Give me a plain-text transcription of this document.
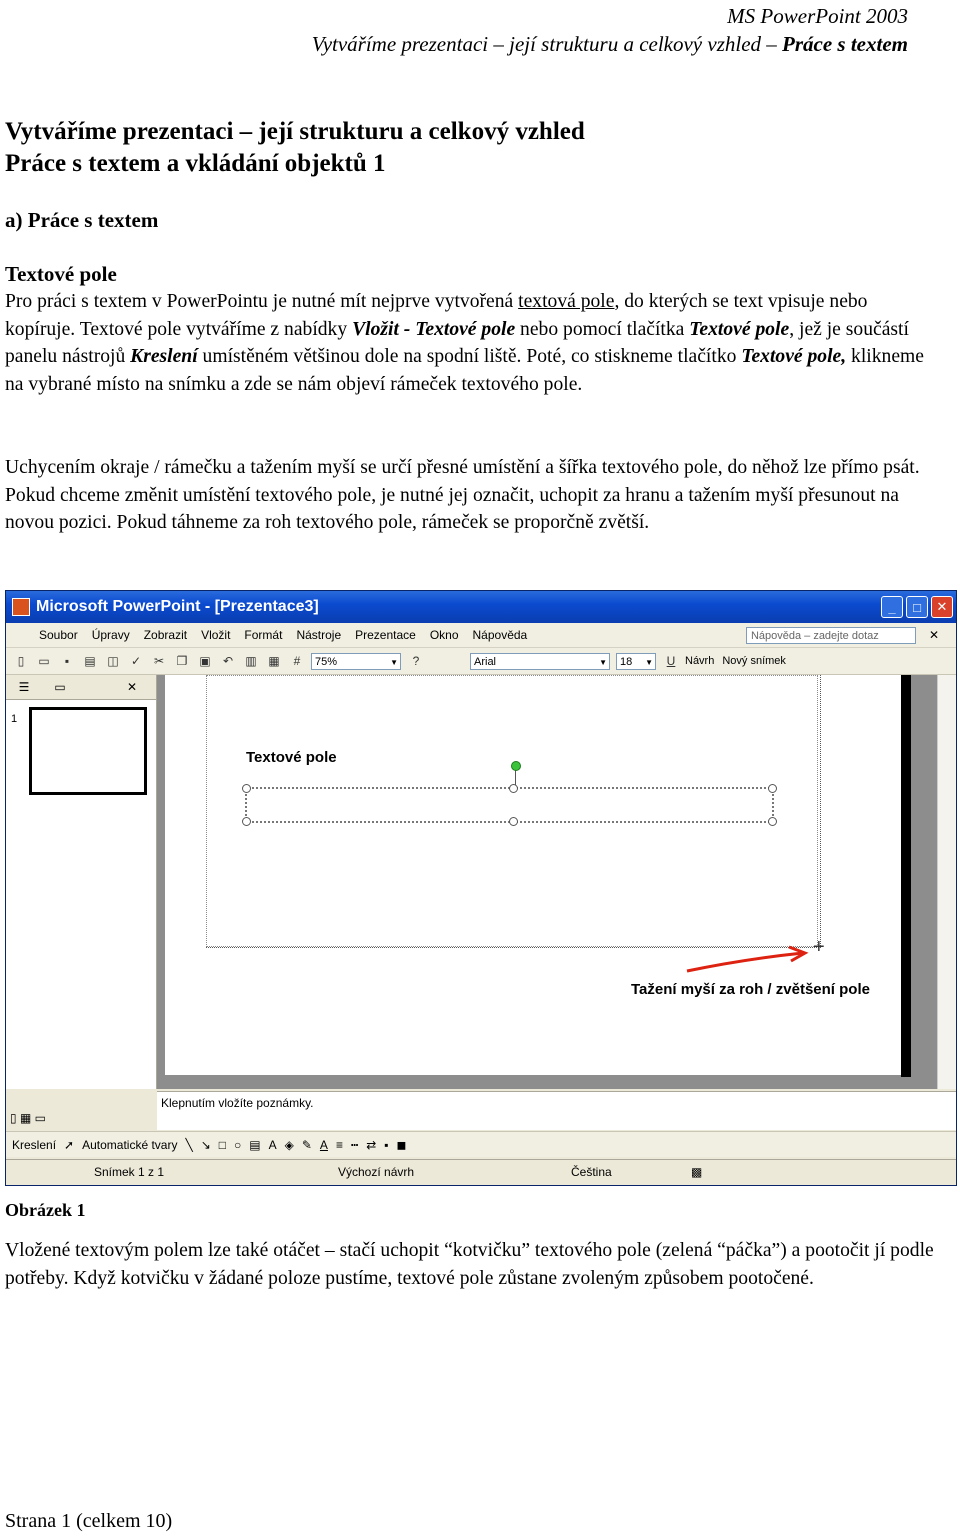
MS PowerPoint 2003
Vytváříme prezentaci – její strukturu a celkový vzhled – Práce s textem
Vytváříme prezentaci – její strukturu a celkový vzhled
Práce s textem a vkládání objektů 1
a) Práce s textem
Textové pole
Pro práci s textem v PowerPointu je nutné mít nejprve vytvořená textová pole, do kterých se text vpisuje nebo kopíruje. Textové pole vytváříme z nabídky Vložit - Textové pole nebo pomocí tlačítka Textové pole, jež je součástí panelu nástrojů Kreslení umístěném většinou dole na spodní liště. Poté, co stiskneme tlačítko Textové pole, klikneme na vybrané místo na snímku a zde se nám objeví rámeček textového pole.
Uchycením okraje / rámečku a tažením myší se určí přesné umístění a šířka textového pole, do něhož lze přímo psát. Pokud chceme změnit umístění textového pole, je nutné jej označit, uchopit za hranu a tažením myší přesunout na novou pozici. Pokud táhneme za roh textového pole, rámeček se proporčně zvětší.
Microsoft PowerPoint - [Prezentace3]	_	□	✕
Soubor	Úpravy	Zobrazit	Vložit	Formát	Nástroje	Prezentace	Okno	Nápověda	Nápověda – zadejte dotaz	✕
▯	▭	▪	▤ ◫	✓	✂	❐ ▣	↶	▥ ▦	#	75% ▼	?	Arial ▼	18 ▼	U Návrh Nový snímek
☰	▭	✕
1
Textové pole
+
Tažení myší za roh / zvětšení pole
▯ ▦ ▭
Klepnutím vložíte poznámky.
Kreslení ➚ Automatické tvary ╲ ↘ □ ○ ▤ A ◈ ✎ A ≡ ┅ ⇄ ▪ ◼
Snímek 1 z 1	Výchozí návrh	Čeština	▩
Obrázek 1
Vložené textovým polem lze také otáčet – stačí uchopit “kotvičku” textového pole (zelená “páčka”) a pootočit jí podle potřeby. Když kotvičku v žádané poloze pustíme, textové pole zůstane zvoleným způsobem pootočené.
Strana 1 (celkem 10)
